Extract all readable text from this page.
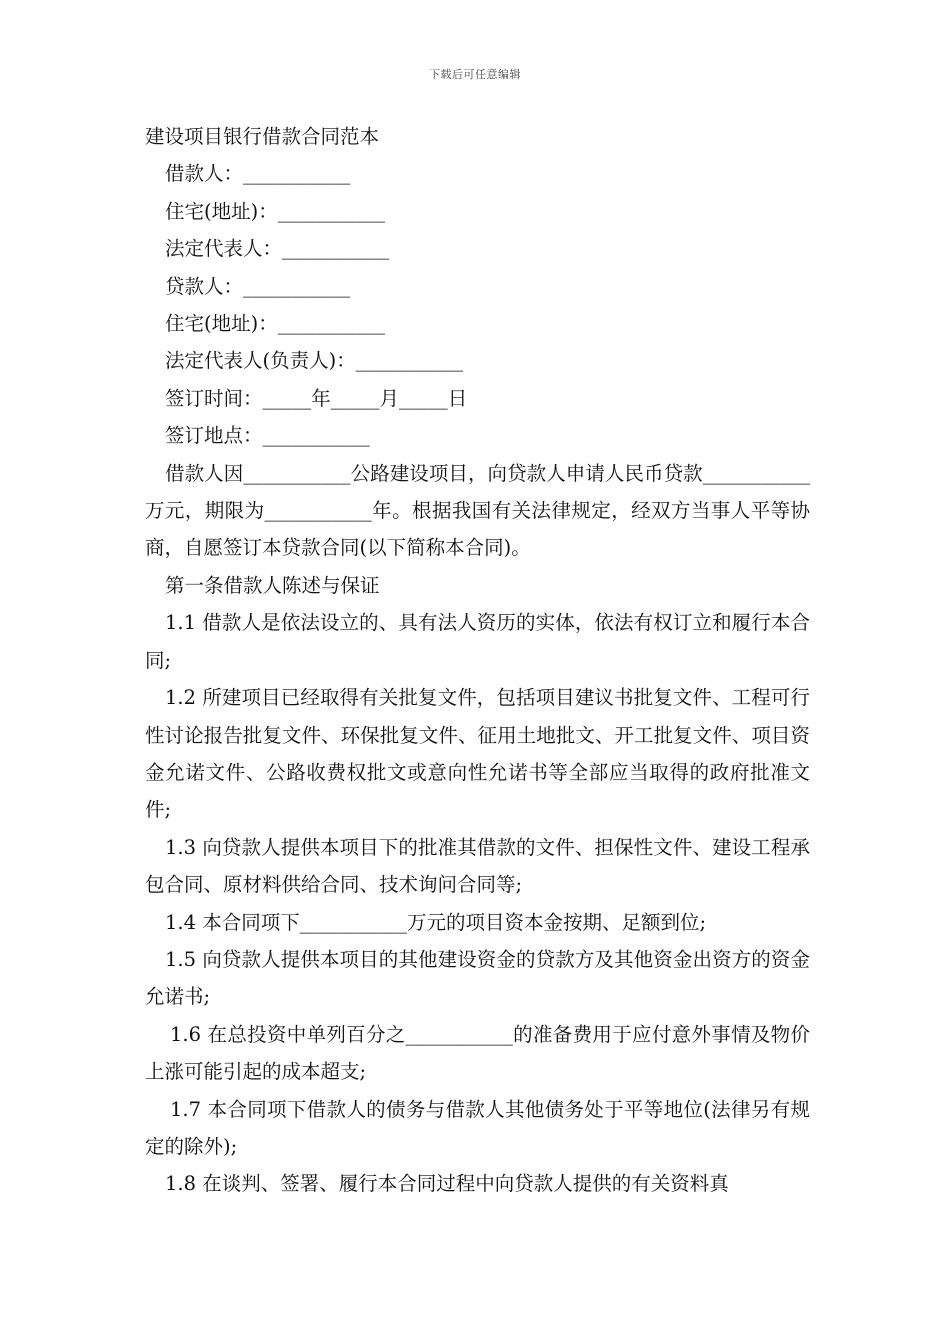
下载后可任意编辑

建设项目银行借款合同范本

借款人：___________

住宅(地址)：___________

法定代表人：___________

贷款人：___________

住宅(地址)：___________

法定代表人(负责人)：___________

签订时间：_____年_____月_____日

签订地点：___________

借款人因___________公路建设项目，向贷款人申请人民币贷款___________万元，期限为___________年。根据我国有关法律规定，经双方当事人平等协商，自愿签订本贷款合同(以下简称本合同)。

第一条借款人陈述与保证

1.1 借款人是依法设立的、具有法人资历的实体，依法有权订立和履行本合同;

1.2 所建项目已经取得有关批复文件，包括项目建议书批复文件、工程可行性讨论报告批复文件、环保批复文件、征用土地批文、开工批复文件、项目资金允诺文件、公路收费权批文或意向性允诺书等全部应当取得的政府批准文件;

1.3 向贷款人提供本项目下的批准其借款的文件、担保性文件、建设工程承包合同、原材料供给合同、技术询问合同等;

1.4 本合同项下___________万元的项目资本金按期、足额到位;

1.5 向贷款人提供本项目的其他建设资金的贷款方及其他资金出资方的资金允诺书;

1.6 在总投资中单列百分之___________的准备费用于应付意外事情及物价上涨可能引起的成本超支;

1.7 本合同项下借款人的债务与借款人其他债务处于平等地位(法律另有规定的除外);

1.8 在谈判、签署、履行本合同过程中向贷款人提供的有关资料真
